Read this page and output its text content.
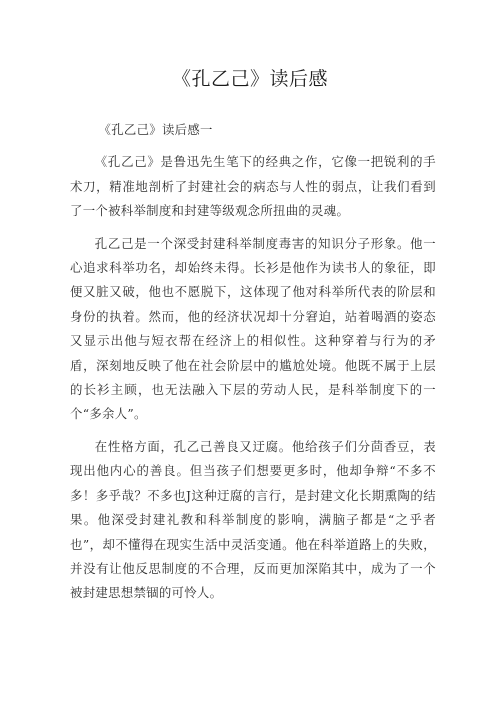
《孔乙己》读后感

《孔乙己》读后感一

《孔乙己》是鲁迅先生笔下的经典之作，它像一把锐利的手术刀，精准地剖析了封建社会的病态与人性的弱点，让我们看到了一个被科举制度和封建等级观念所扭曲的灵魂。

孔乙己是一个深受封建科举制度毒害的知识分子形象。他一心追求科举功名，却始终未得。长衫是他作为读书人的象征，即便又脏又破，他也不愿脱下，这体现了他对科举所代表的阶层和身份的执着。然而，他的经济状况却十分窘迫，站着喝酒的姿态又显示出他与短衣帮在经济上的相似性。这种穿着与行为的矛盾，深刻地反映了他在社会阶层中的尴尬处境。他既不属于上层的长衫主顾，也无法融入下层的劳动人民，是科举制度下的一个“多余人”。

在性格方面，孔乙己善良又迂腐。他给孩子们分茴香豆，表现出他内心的善良。但当孩子们想要更多时，他却争辩“不多不多！多乎哉？不多也J这种迂腐的言行，是封建文化长期熏陶的结果。他深受封建礼教和科举制度的影响，满脑子都是“之乎者也”，却不懂得在现实生活中灵活变通。他在科举道路上的失败，并没有让他反思制度的不合理，反而更加深陷其中，成为了一个被封建思想禁锢的可怜人。
